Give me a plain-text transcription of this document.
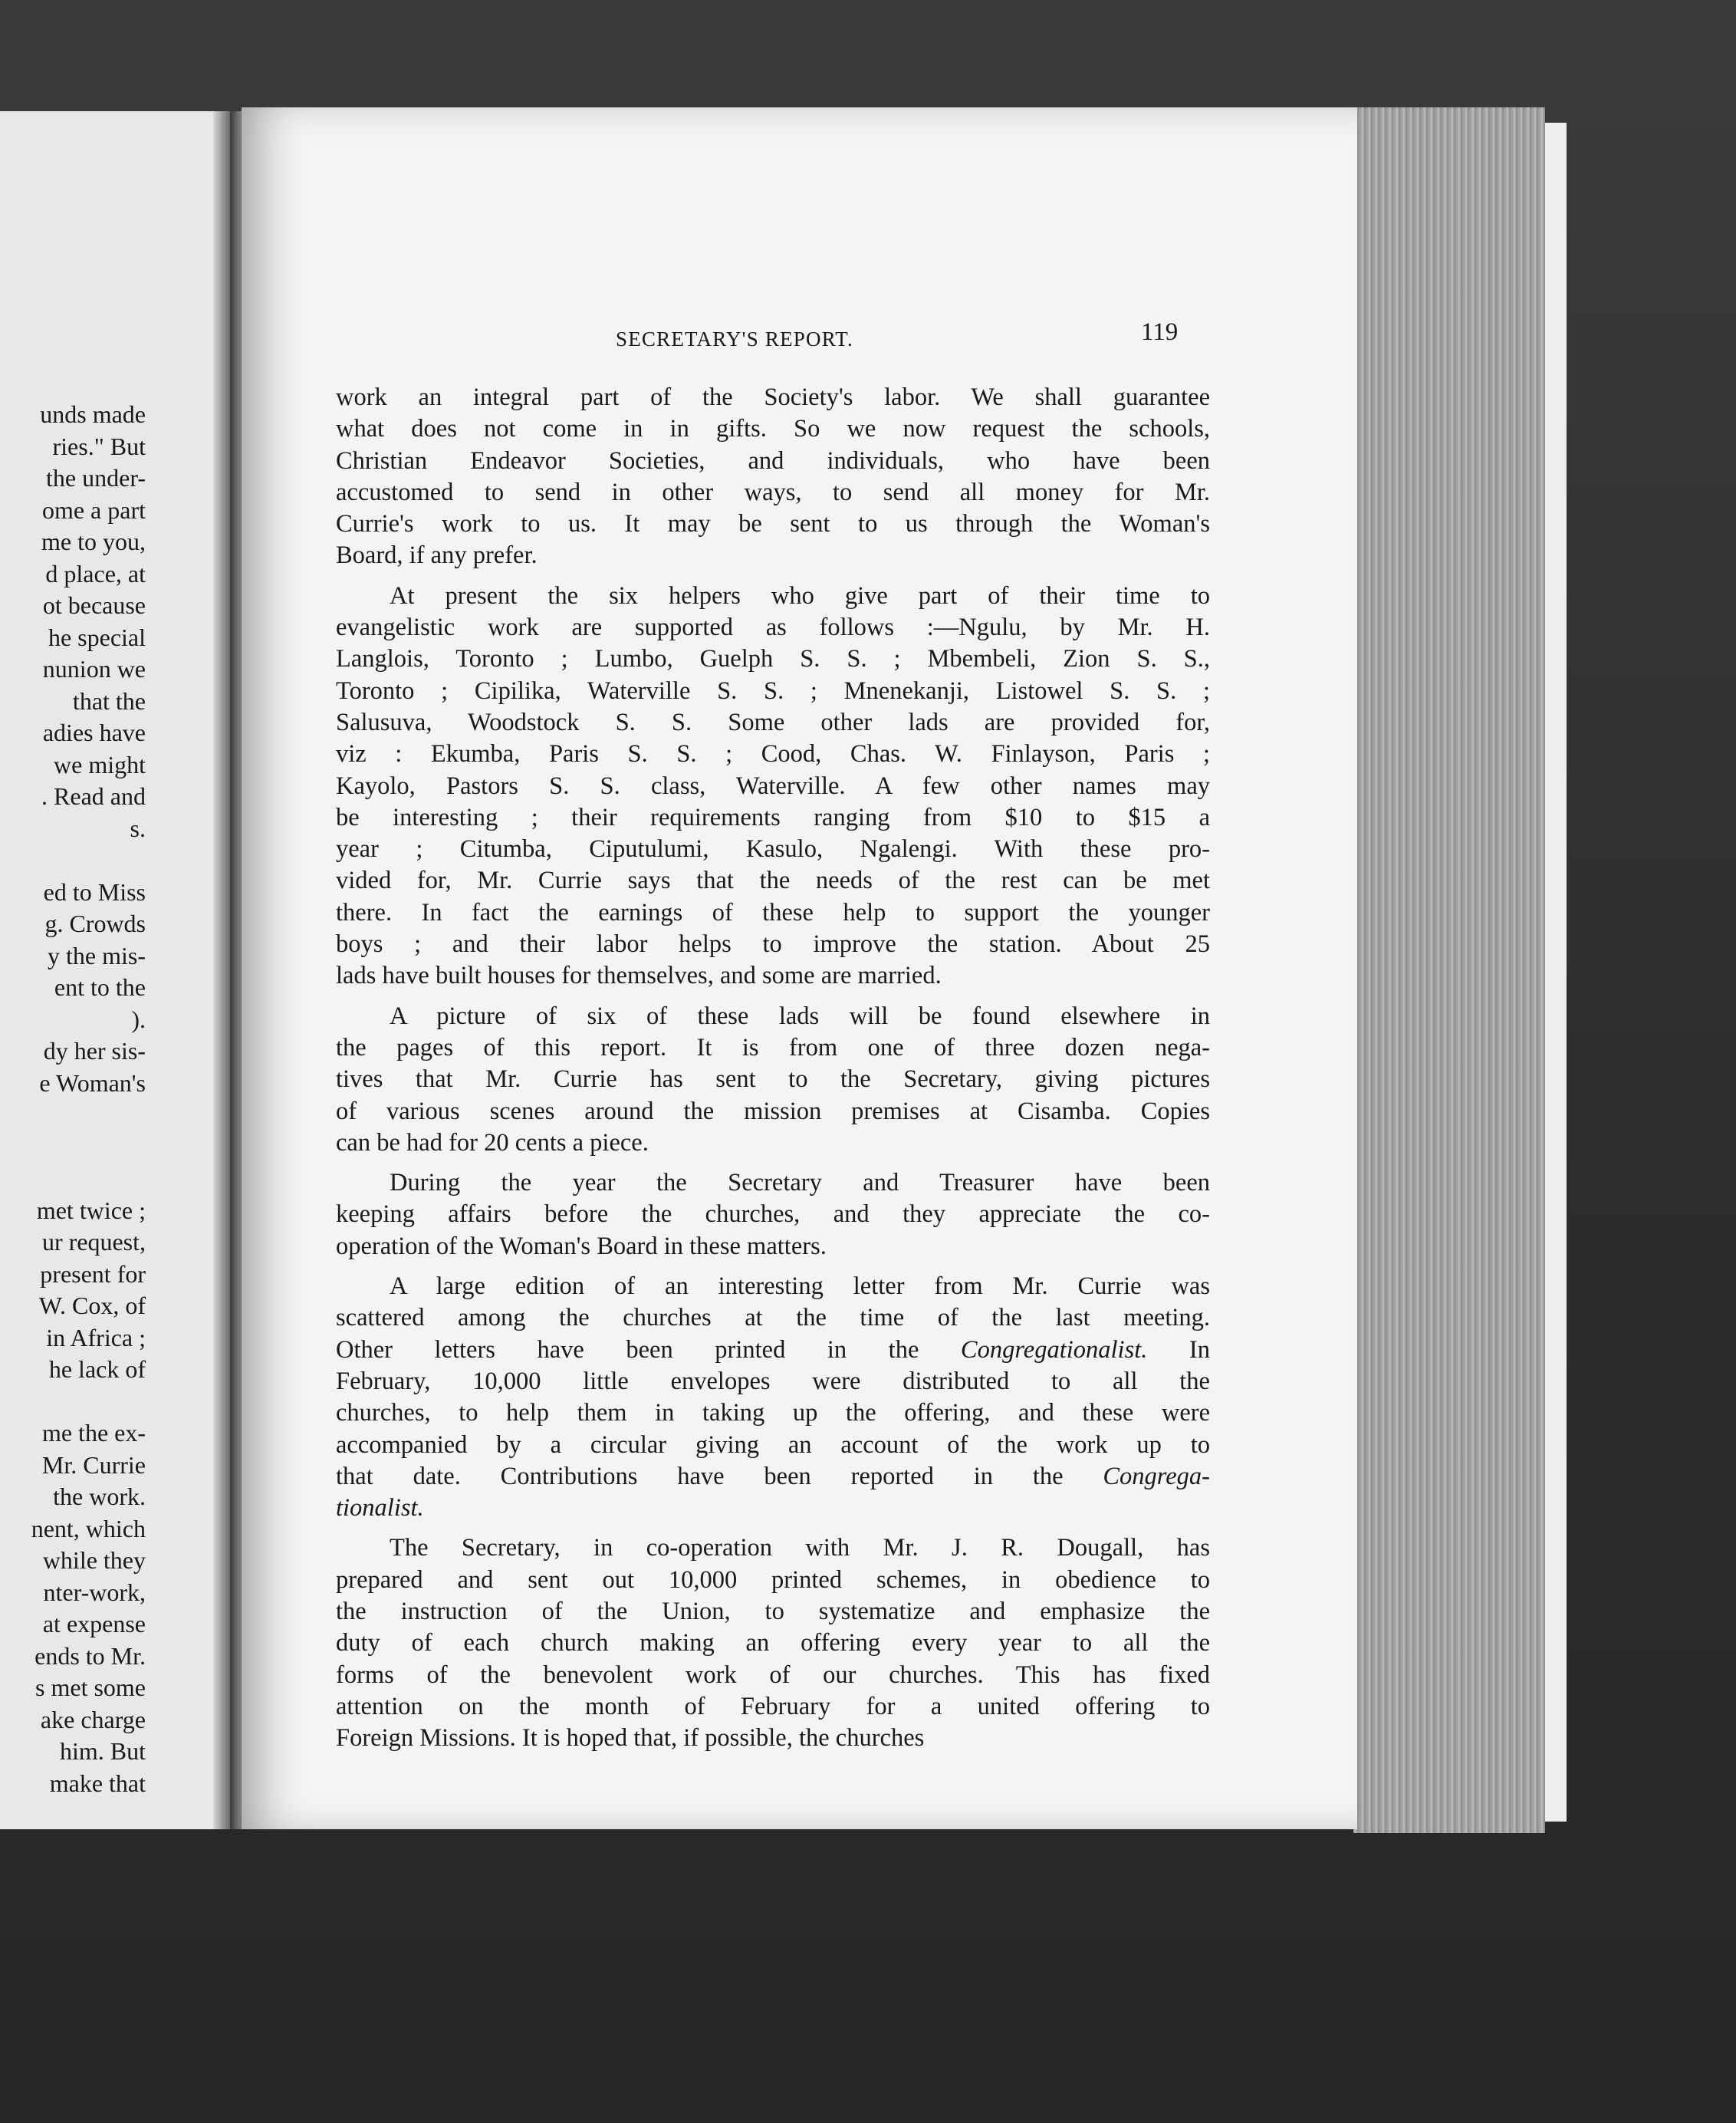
unds made
ries." But
the under-
ome a part
me to you,
d place, at
ot because
he special
nunion we
that the
adies have
we might
. Read and
s.
ed to Miss
g. Crowds
y the mis-
ent to the
).
dy her sis-
e Woman's
met twice ;
ur request,
present for
W. Cox, of
in Africa ;
he lack of
me the ex-
Mr. Currie
the work.
nent, which
while they
nter-work,
at expense
ends to Mr.
s met some
ake charge
him. But
make that
SECRETARY'S REPORT.	119
work an integral part of the Society's labor. We shall guarantee
what does not come in in gifts. So we now request the schools,
Christian Endeavor Societies, and individuals, who have been
accustomed to send in other ways, to send all money for Mr.
Currie's work to us. It may be sent to us through the Woman's
Board, if any prefer.
At present the six helpers who give part of their time to
evangelistic work are supported as follows :—Ngulu, by Mr. H.
Langlois, Toronto ; Lumbo, Guelph S. S. ; Mbembeli, Zion S. S.,
Toronto ; Cipilika, Waterville S. S. ; Mnenekanji, Listowel S. S. ;
Salusuva, Woodstock S. S. Some other lads are provided for,
viz : Ekumba, Paris S. S. ; Cood, Chas. W. Finlayson, Paris ;
Kayolo, Pastors S. S. class, Waterville. A few other names may
be interesting ; their requirements ranging from $10 to $15 a
year ; Citumba, Ciputulumi, Kasulo, Ngalengi. With these pro-
vided for, Mr. Currie says that the needs of the rest can be met
there. In fact the earnings of these help to support the younger
boys ; and their labor helps to improve the station. About 25
lads have built houses for themselves, and some are married.
A picture of six of these lads will be found elsewhere in
the pages of this report. It is from one of three dozen nega-
tives that Mr. Currie has sent to the Secretary, giving pictures
of various scenes around the mission premises at Cisamba. Copies
can be had for 20 cents a piece.
During the year the Secretary and Treasurer have been
keeping affairs before the churches, and they appreciate the co-
operation of the Woman's Board in these matters.
A large edition of an interesting letter from Mr. Currie was
scattered among the churches at the time of the last meeting.
Other letters have been printed in the Congregationalist. In
February, 10,000 little envelopes were distributed to all the
churches, to help them in taking up the offering, and these were
accompanied by a circular giving an account of the work up to
that date. Contributions have been reported in the Congrega-
tionalist.
The Secretary, in co-operation with Mr. J. R. Dougall, has
prepared and sent out 10,000 printed schemes, in obedience to
the instruction of the Union, to systematize and emphasize the
duty of each church making an offering every year to all the
forms of the benevolent work of our churches. This has fixed
attention on the month of February for a united offering to
Foreign Missions. It is hoped that, if possible, the churches
